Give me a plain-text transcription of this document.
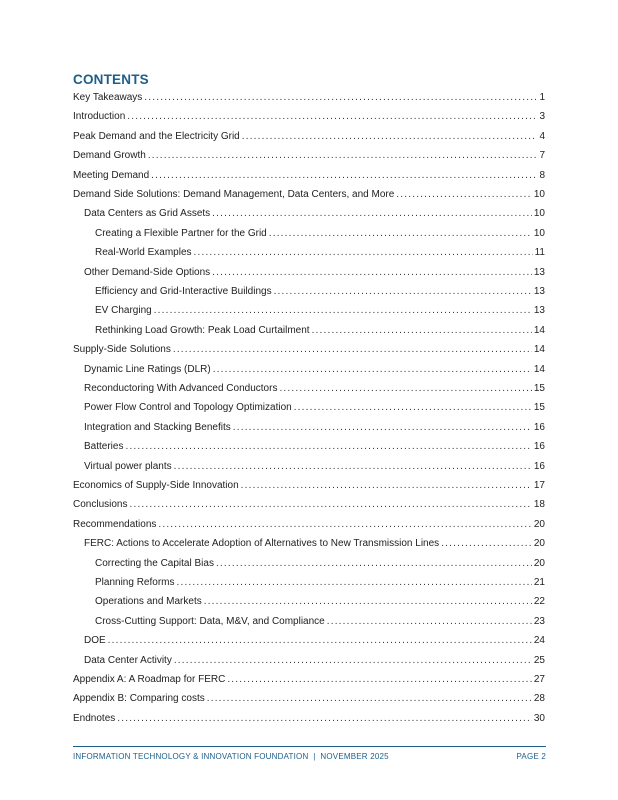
CONTENTS
Key Takeaways .....	1
Introduction .....	3
Peak Demand and the Electricity Grid .....	4
Demand Growth .....	7
Meeting Demand .....	8
Demand Side Solutions: Demand Management, Data Centers, and More .....	10
Data Centers as Grid Assets .....	10
Creating a Flexible Partner for the Grid .....	10
Real-World Examples .....	11
Other Demand-Side Options .....	13
Efficiency and Grid-Interactive Buildings .....	13
EV Charging .....	13
Rethinking Load Growth: Peak Load Curtailment .....	14
Supply-Side Solutions .....	14
Dynamic Line Ratings (DLR) .....	14
Reconductoring With Advanced Conductors .....	15
Power Flow Control and Topology Optimization .....	15
Integration and Stacking Benefits .....	16
Batteries .....	16
Virtual power plants .....	16
Economics of Supply-Side Innovation .....	17
Conclusions .....	18
Recommendations .....	20
FERC: Actions to Accelerate Adoption of Alternatives to New Transmission Lines .....	20
Correcting the Capital Bias .....	20
Planning Reforms .....	21
Operations and Markets .....	22
Cross-Cutting Support: Data, M&V, and Compliance .....	23
DOE .....	24
Data Center Activity .....	25
Appendix A: A Roadmap for FERC .....	27
Appendix B: Comparing costs .....	28
Endnotes .....	30
INFORMATION TECHNOLOGY & INNOVATION FOUNDATION  |  NOVEMBER 2025	PAGE 2
